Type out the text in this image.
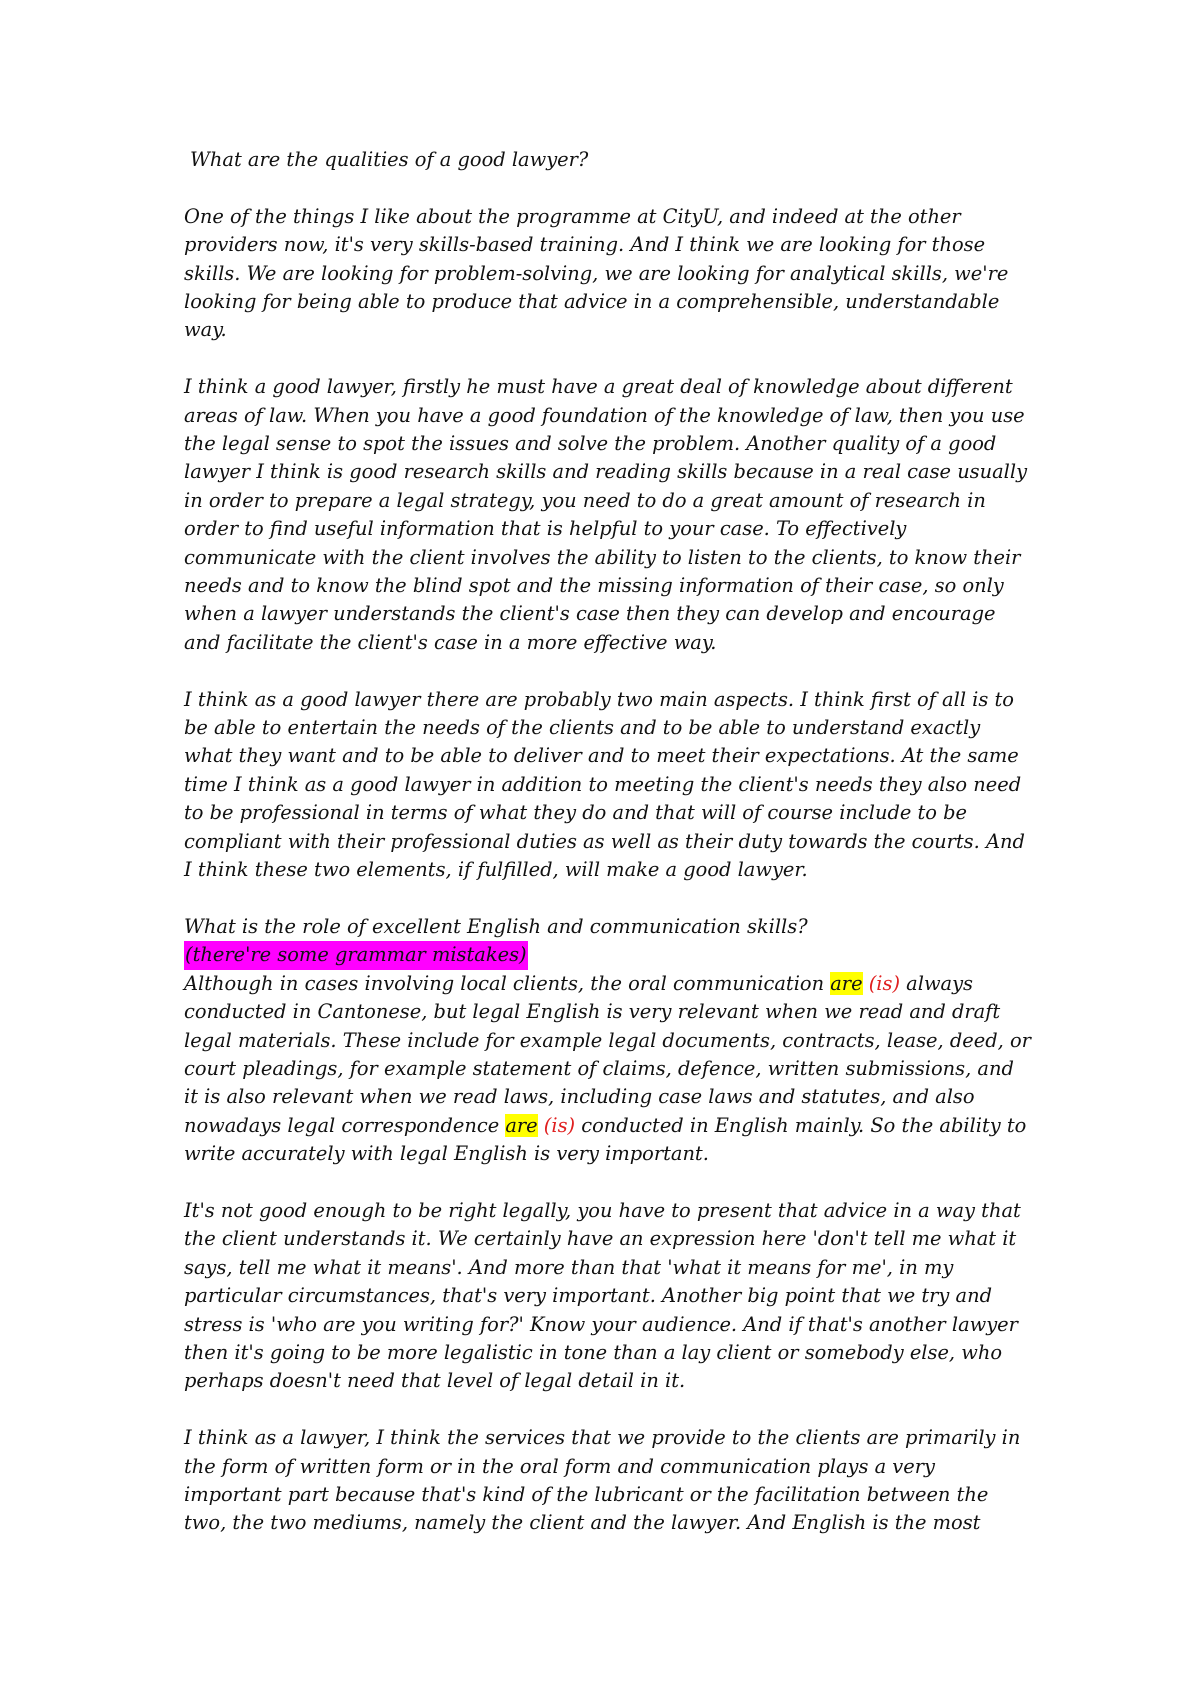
What are the qualities of a good lawyer?

One of the things I like about the programme at CityU, and indeed at the other providers now, it's very skills-based training. And I think we are looking for those skills. We are looking for problem-solving, we are looking for analytical skills, we're looking for being able to produce that advice in a comprehensible, understandable way.

I think a good lawyer, firstly he must have a great deal of knowledge about different areas of law. When you have a good foundation of the knowledge of law, then you use the legal sense to spot the issues and solve the problem. Another quality of a good lawyer I think is good research skills and reading skills because in a real case usually in order to prepare a legal strategy, you need to do a great amount of research in order to find useful information that is helpful to your case. To effectively communicate with the client involves the ability to listen to the clients, to know their needs and to know the blind spot and the missing information of their case, so only when a lawyer understands the client's case then they can develop and encourage and facilitate the client's case in a more effective way.

I think as a good lawyer there are probably two main aspects. I think first of all is to be able to entertain the needs of the clients and to be able to understand exactly what they want and to be able to deliver and to meet their expectations. At the same time I think as a good lawyer in addition to meeting the client's needs they also need to be professional in terms of what they do and that will of course include to be compliant with their professional duties as well as their duty towards the courts. And I think these two elements, if fulfilled, will make a good lawyer.

What is the role of excellent English and communication skills?

(there're some grammar mistakes)

Although in cases involving local clients, the oral communication are (is) always conducted in Cantonese, but legal English is very relevant when we read and draft legal materials. These include for example legal documents, contracts, lease, deed, or court pleadings, for example statement of claims, defence, written submissions, and it is also relevant when we read laws, including case laws and statutes, and also nowadays legal correspondence are (is) conducted in English mainly. So the ability to write accurately with legal English is very important.

It's not good enough to be right legally, you have to present that advice in a way that the client understands it. We certainly have an expression here 'don't tell me what it says, tell me what it means'. And more than that 'what it means for me', in my particular circumstances, that's very important. Another big point that we try and stress is 'who are you writing for?' Know your audience. And if that's another lawyer then it's going to be more legalistic in tone than a lay client or somebody else, who perhaps doesn't need that level of legal detail in it.

I think as a lawyer, I think the services that we provide to the clients are primarily in the form of written form or in the oral form and communication plays a very important part because that's kind of the lubricant or the facilitation between the two, the two mediums, namely the client and the lawyer. And English is the most
